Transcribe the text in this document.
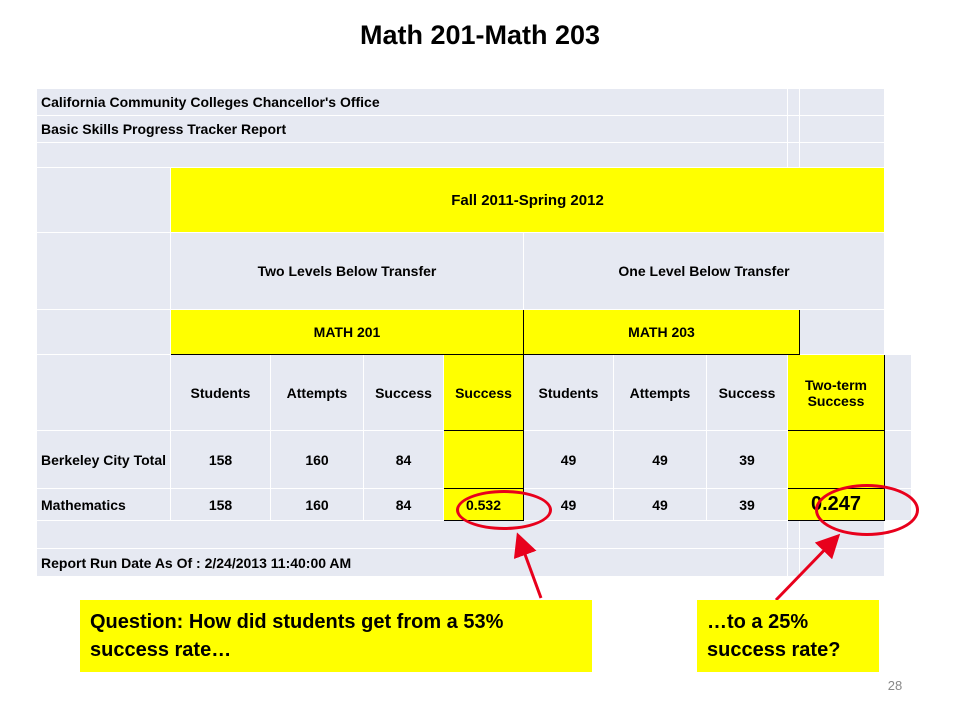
Math 201-Math 203
California Community Colleges Chancellor's Office										
Basic Skills Progress Tracker Report										

	Fall 2011-Spring 2012									
	Two Levels Below Transfer				One Level Below Transfer					
	MATH 201				MATH 203					
	Students	Attempts	Success	Success	Students	Attempts	Success	Two-term Success		
Berkeley City Total	158	160	84		49	49	39			
Mathematics	158	160	84	0.532	49	49	39	0.247		

Report Run Date As Of : 2/24/2013 11:40:00 AM										
Question: How did students get from a 53% success rate…
…to a 25% success rate?
28
